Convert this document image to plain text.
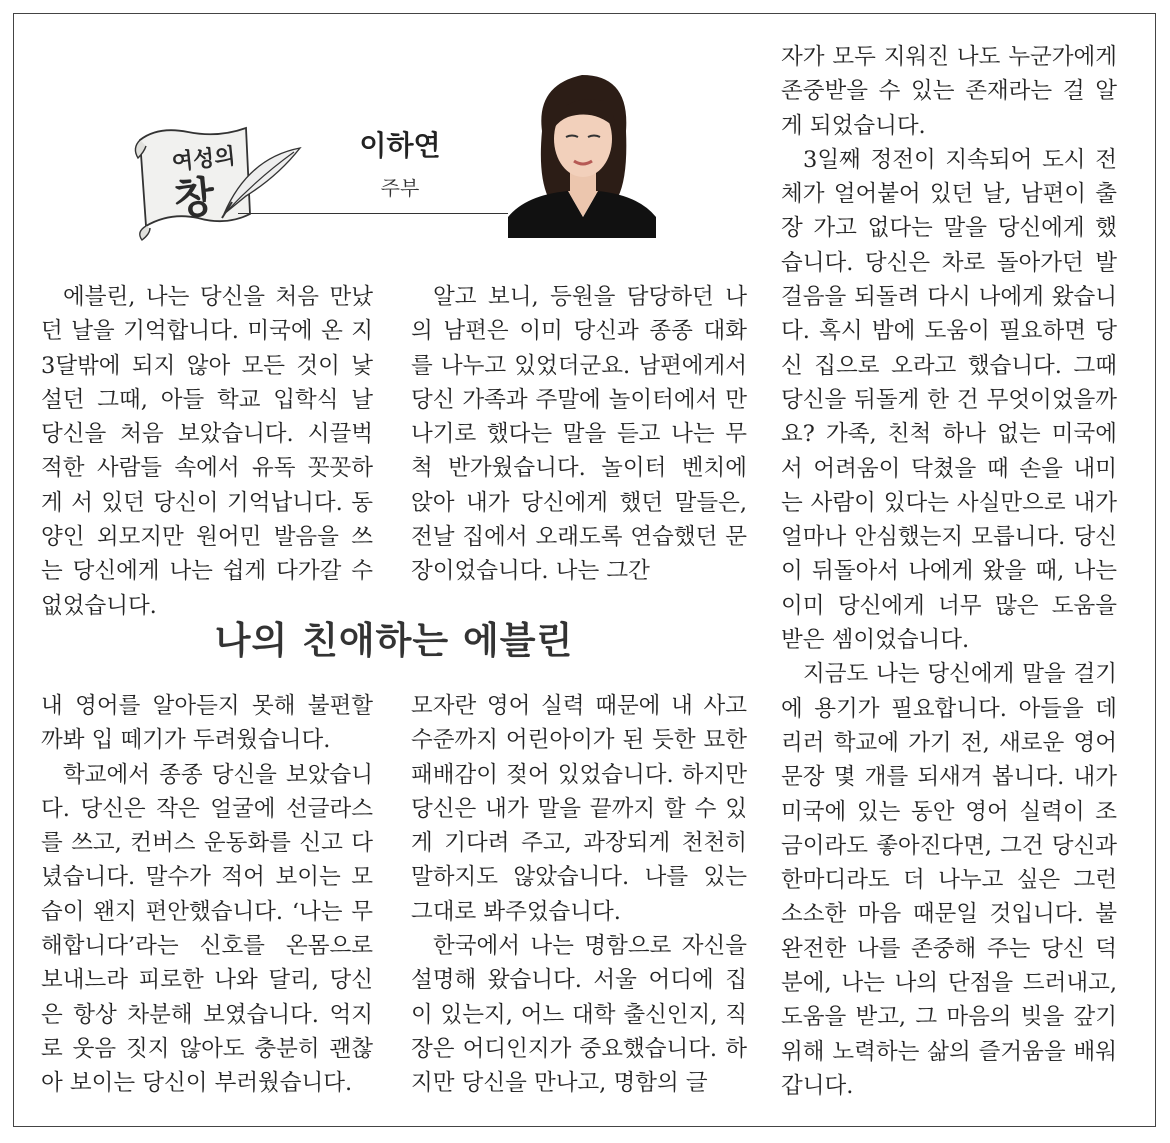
여성의
창
이하연
주부

에블린, 나는 당신을 처음 만났던 날을 기억합니다. 미국에 온 지 3달밖에 되지 않아 모든 것이 낯설던 그때, 아들 학교 입학식 날 당신을 처음 보았습니다. 시끌벅적한 사람들 속에서 유독 꼿꼿하게 서 있던 당신이 기억납니다. 동양인 외모지만 원어민 발음을 쓰는 당신에게 나는 쉽게 다가갈 수 없었습니다.

알고 보니, 등원을 담당하던 나의 남편은 이미 당신과 종종 대화를 나누고 있었더군요. 남편에게서 당신 가족과 주말에 놀이터에서 만나기로 했다는 말을 듣고 나는 무척 반가웠습니다. 놀이터 벤치에 앉아 내가 당신에게 했던 말들은, 전날 집에서 오래도록 연습했던 문장이었습니다. 나는 그간

나의 친애하는 에블린

내 영어를 알아듣지 못해 불편할까봐 입 떼기가 두려웠습니다.

학교에서 종종 당신을 보았습니다. 당신은 작은 얼굴에 선글라스를 쓰고, 컨버스 운동화를 신고 다녔습니다. 말수가 적어 보이는 모습이 왠지 편안했습니다. ‘나는 무해합니다’라는 신호를 온몸으로 보내느라 피로한 나와 달리, 당신은 항상 차분해 보였습니다. 억지로 웃음 짓지 않아도 충분히 괜찮아 보이는 당신이 부러웠습니다.

모자란 영어 실력 때문에 내 사고 수준까지 어린아이가 된 듯한 묘한 패배감이 젖어 있었습니다. 하지만 당신은 내가 말을 끝까지 할 수 있게 기다려 주고, 과장되게 천천히 말하지도 않았습니다. 나를 있는 그대로 봐주었습니다.

한국에서 나는 명함으로 자신을 설명해 왔습니다. 서울 어디에 집이 있는지, 어느 대학 출신인지, 직장은 어디인지가 중요했습니다. 하지만 당신을 만나고, 명함의 글

자가 모두 지워진 나도 누군가에게 존중받을 수 있는 존재라는 걸 알게 되었습니다.

3일째 정전이 지속되어 도시 전체가 얼어붙어 있던 날, 남편이 출장 가고 없다는 말을 당신에게 했습니다. 당신은 차로 돌아가던 발걸음을 되돌려 다시 나에게 왔습니다. 혹시 밤에 도움이 필요하면 당신 집으로 오라고 했습니다. 그때 당신을 뒤돌게 한 건 무엇이었을까요? 가족, 친척 하나 없는 미국에서 어려움이 닥쳤을 때 손을 내미는 사람이 있다는 사실만으로 내가 얼마나 안심했는지 모릅니다. 당신이 뒤돌아서 나에게 왔을 때, 나는 이미 당신에게 너무 많은 도움을 받은 셈이었습니다.

지금도 나는 당신에게 말을 걸기에 용기가 필요합니다. 아들을 데리러 학교에 가기 전, 새로운 영어 문장 몇 개를 되새겨 봅니다. 내가 미국에 있는 동안 영어 실력이 조금이라도 좋아진다면, 그건 당신과 한마디라도 더 나누고 싶은 그런 소소한 마음 때문일 것입니다. 불완전한 나를 존중해 주는 당신 덕분에, 나는 나의 단점을 드러내고, 도움을 받고, 그 마음의 빚을 갚기 위해 노력하는 삶의 즐거움을 배워 갑니다.
